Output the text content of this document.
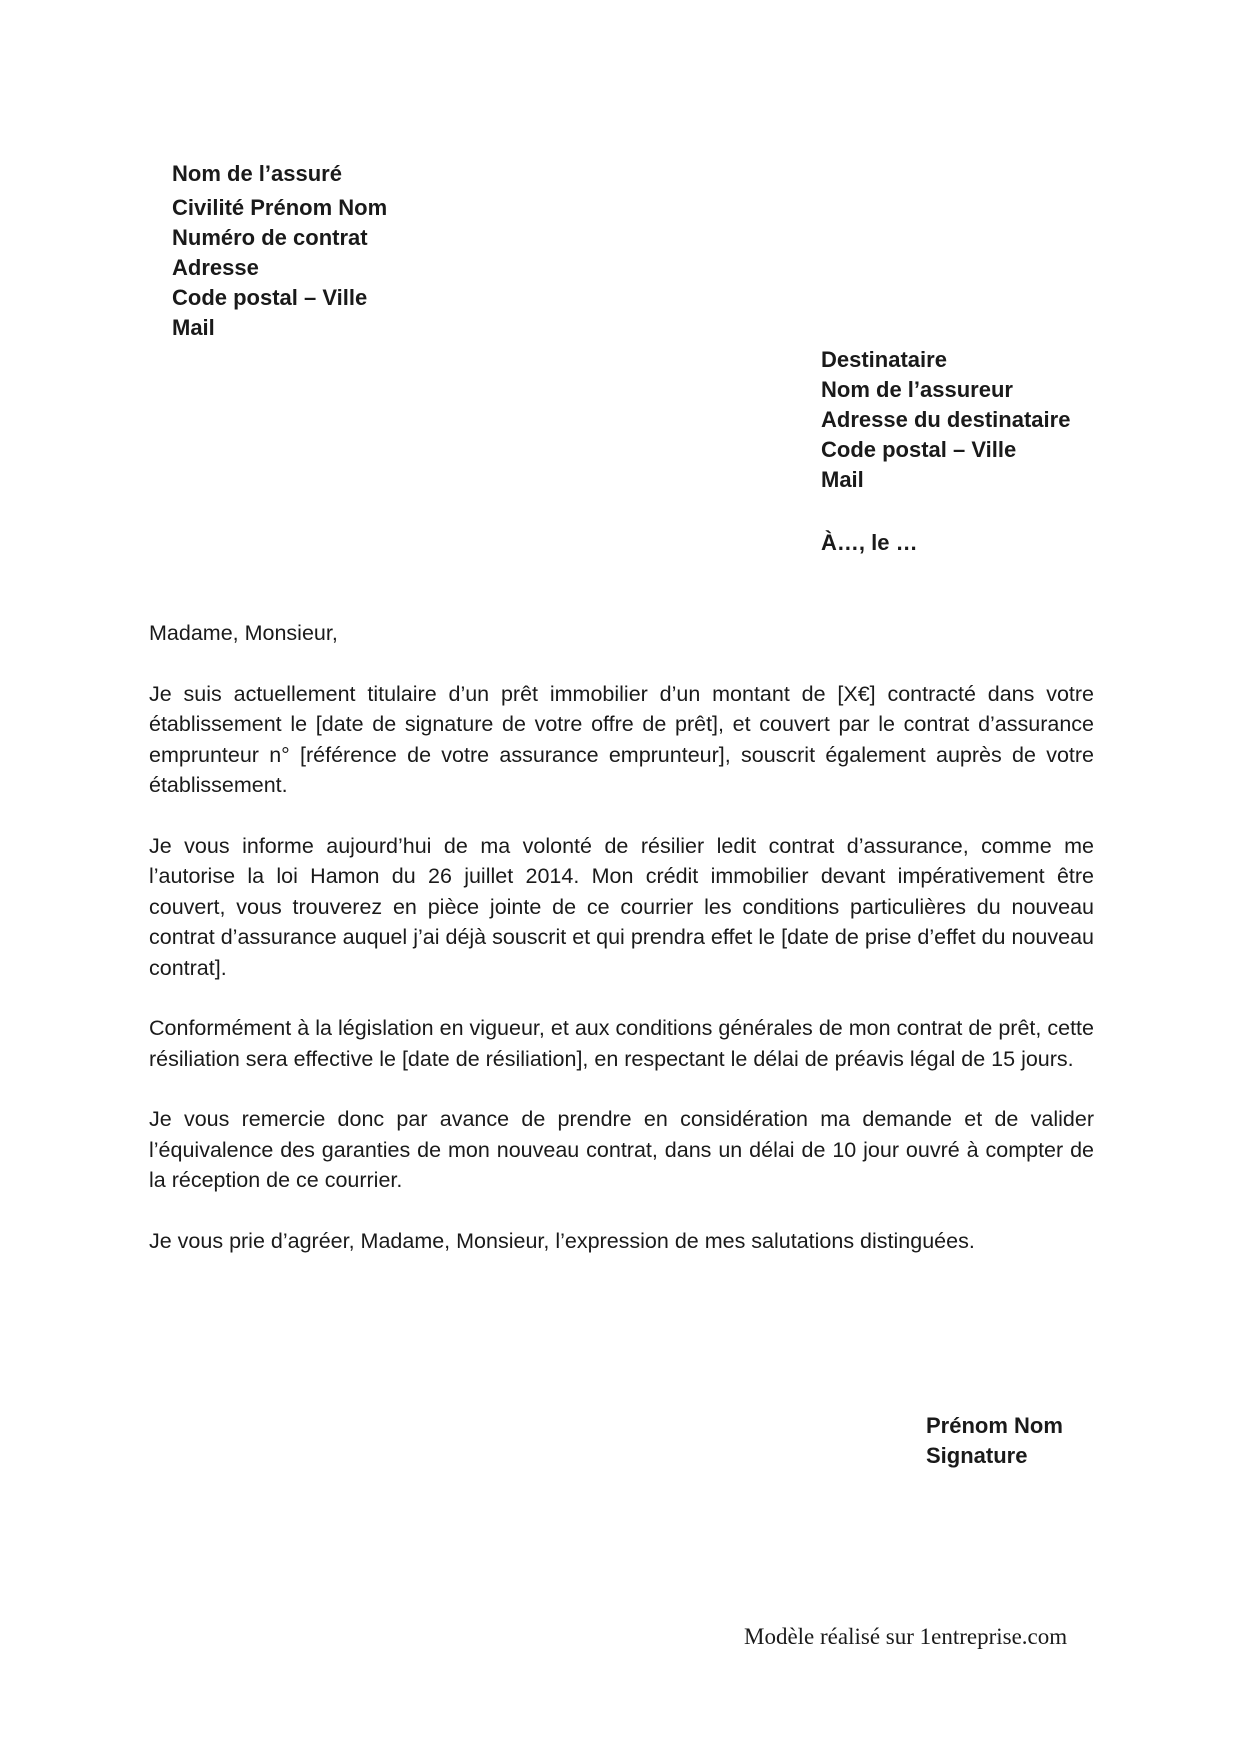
Nom de l’assuré
Civilité Prénom Nom
Numéro de contrat
Adresse
Code postal – Ville
Mail
Destinataire
Nom de l’assureur
Adresse du destinataire
Code postal – Ville
Mail
À…, le …

Madame, Monsieur,

Je suis actuellement titulaire d’un prêt immobilier d’un montant de [X€] contracté dans votre établissement le [date de signature de votre offre de prêt], et couvert par le contrat d’assurance emprunteur n° [référence de votre assurance emprunteur], souscrit également auprès de votre établissement.

Je vous informe aujourd’hui de ma volonté de résilier ledit contrat d’assurance, comme me l’autorise la loi Hamon du 26 juillet 2014. Mon crédit immobilier devant impérativement être couvert, vous trouverez en pièce jointe de ce courrier les conditions particulières du nouveau contrat d’assurance auquel j’ai déjà souscrit et qui prendra effet le [date de prise d’effet du nouveau contrat].

Conformément à la législation en vigueur, et aux conditions générales de mon contrat de prêt, cette résiliation sera effective le [date de résiliation], en respectant le délai de préavis légal de 15 jours.

Je vous remercie donc par avance de prendre en considération ma demande et de valider l’équivalence des garanties de mon nouveau contrat, dans un délai de 10 jour ouvré à compter de la réception de ce courrier.

Je vous prie d’agréer, Madame, Monsieur, l’expression de mes salutations distinguées.

Prénom Nom
Signature
Modèle réalisé sur 1entreprise.com
